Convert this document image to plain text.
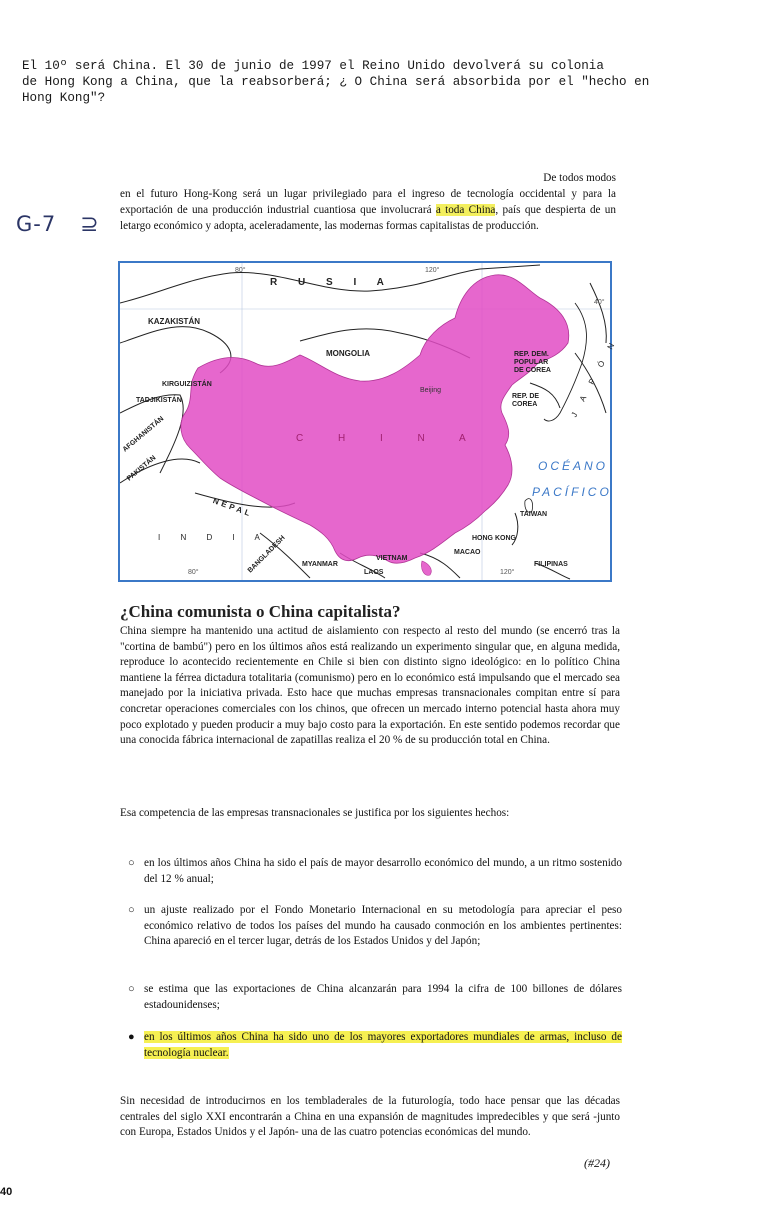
El 10º será China. El 30 de junio de 1997 el Reino Unido devolverá su colonia
de Hong Kong a China, que la reabsorberá; ¿ O China será absorbida por el "hecho en
Hong Kong"?
G-7 ⊇
De todos modos
en el futuro Hong-Kong será un lugar privilegiado para el ingreso de tecnología occidental y para la exportación de una producción industrial cuantiosa que involucrará a toda China, país que despierta de un letargo económico y adopta, aceleradamente, las modernas formas capitalistas de producción.
80°	120°
40°
80°	120°
R U S I A
KAZAKISTÁN
MONGOLIA
KIRGUIZISTÁN
TADJIKISTÁN
AFGHANISTÁN
PAKISTÁN
C H I N A
Beijing
REP. DEM. POPULAR DE COREA
REP. DE COREA	J A P Ó N
OCÉANO
PACÍFICO
TAIWAN
NEPAL
I N D I A
BANGLADESH MYANMAR
VIETNAM
LAOS
HONG KONG
MACAO
FILIPINAS
¿China comunista o China capitalista?

China siempre ha mantenido una actitud de aislamiento con respecto al resto del mundo (se encerró tras la "cortina de bambú") pero en los últimos años está realizando un experimento singular que, en alguna medida, reproduce lo acontecido recientemente en Chile si bien con distinto signo ideológico: en lo político China mantiene la férrea dictadura totalitaria (comunismo) pero en lo económico está impulsando que el mercado sea manejado por la iniciativa privada. Esto hace que muchas empresas transnacionales compitan entre sí para concretar operaciones comerciales con los chinos, que ofrecen un mercado interno potencial hasta ahora muy poco explotado y pueden producir a muy bajo costo para la exportación. En este sentido podemos recordar que una conocida fábrica internacional de zapatillas realiza el 20 % de su producción total en China.

Esa competencia de las empresas transnacionales se justifica por los siguientes hechos:

○ en los últimos años China ha sido el país de mayor desarrollo económico del mundo, a un ritmo sostenido del 12 % anual;
○ un ajuste realizado por el Fondo Monetario Internacional en su metodología para apreciar el peso económico relativo de todos los países del mundo ha causado conmoción en los ambientes pertinentes: China apareció en el tercer lugar, detrás de los Estados Unidos y del Japón;
○ se estima que las exportaciones de China alcanzarán para 1994 la cifra de 100 billones de dólares estadounidenses;
● en los últimos años China ha sido uno de los mayores exportadores mundiales de armas, incluso de tecnología nuclear.

Sin necesidad de introducirnos en los tembladerales de la futurología, todo hace pensar que las décadas centrales del siglo XXI encontrarán a China en una expansión de magnitudes impredecibles y que será -junto con Europa, Estados Unidos y el Japón- una de las cuatro potencias económicas del mundo.

(#24)
40
